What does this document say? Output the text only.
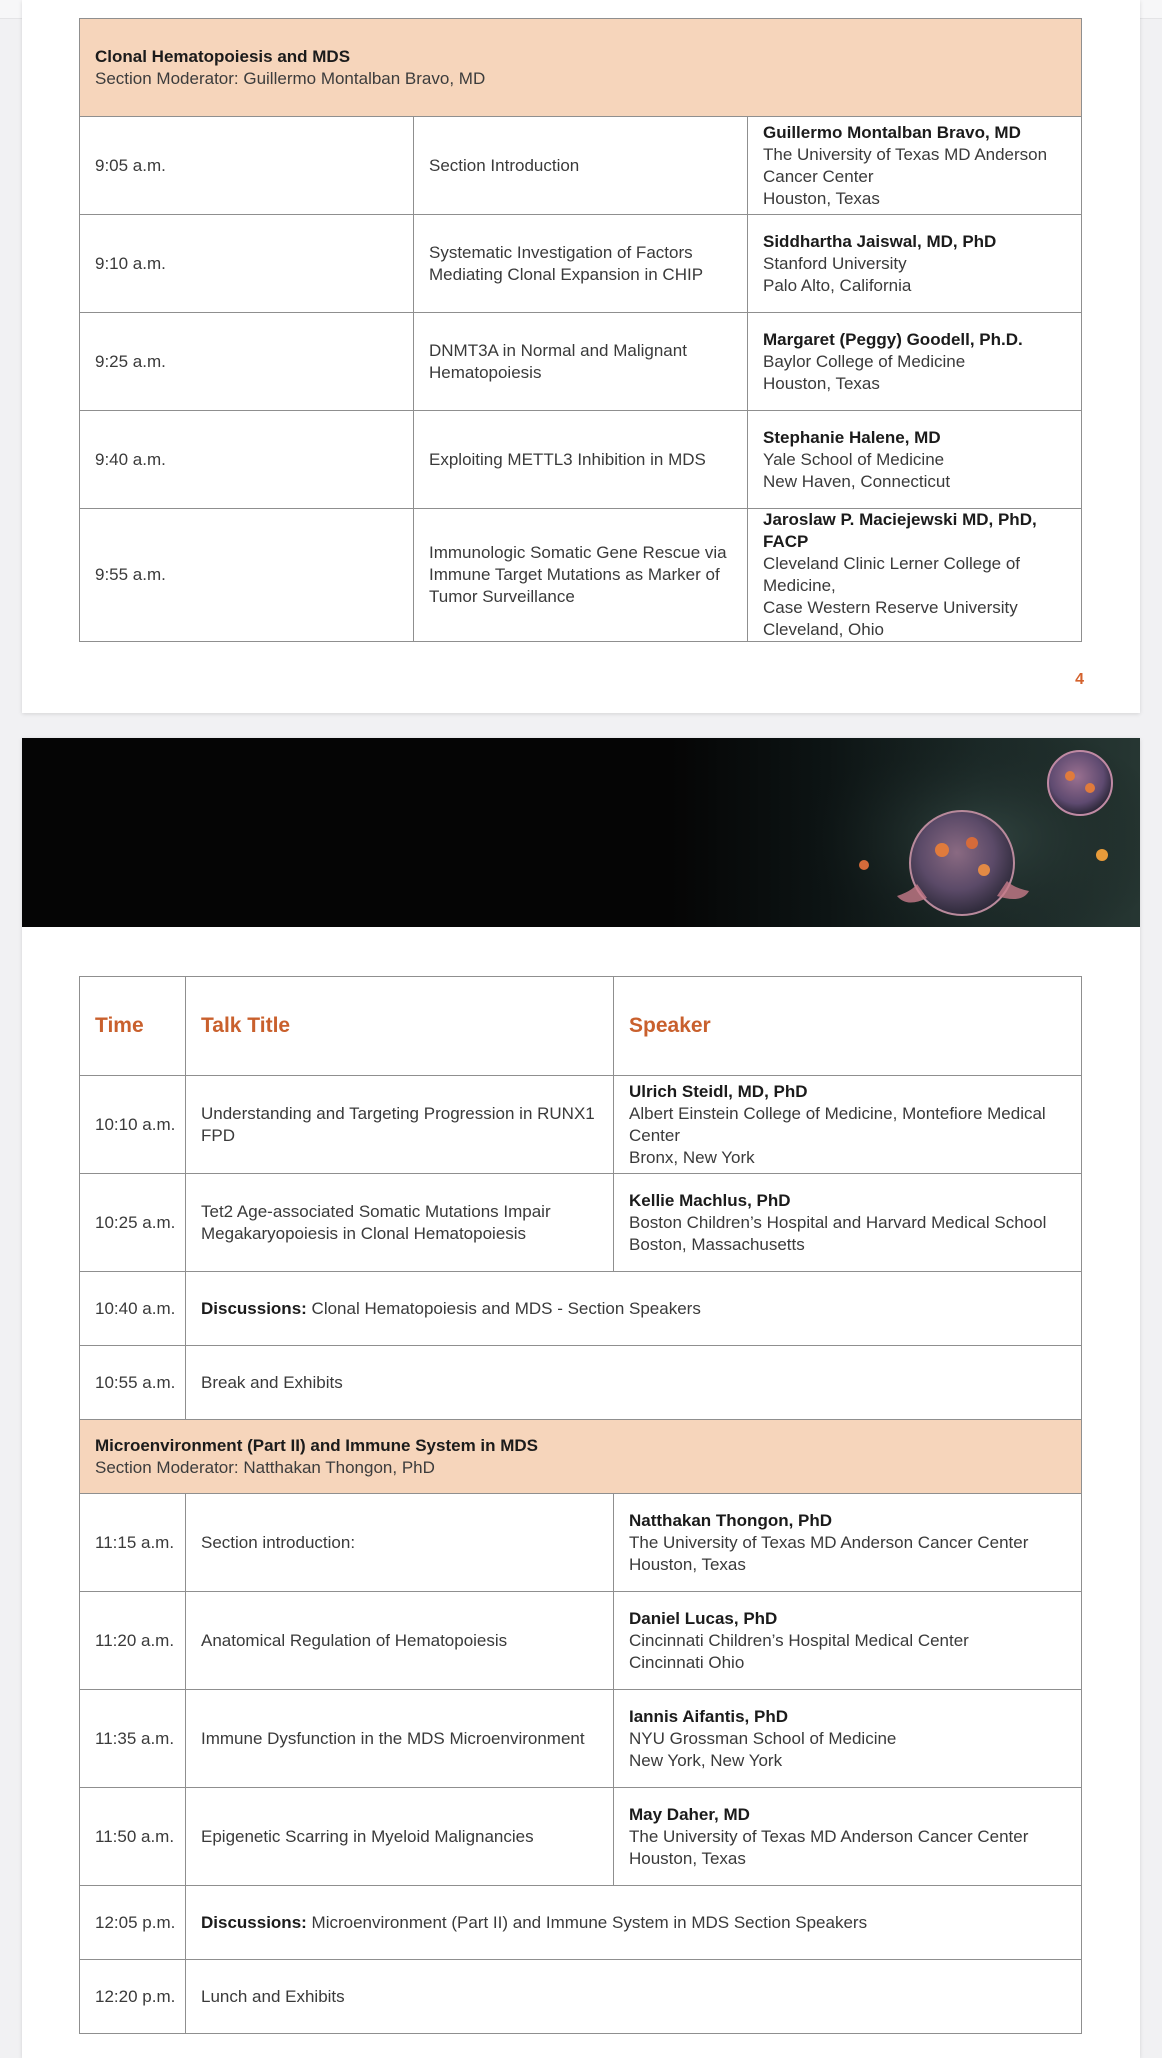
Clonal Hematopoiesis and MDS
Section Moderator: Guillermo Montalban Bravo, MD		

9:05 a.m.	Section Introduction	Guillermo Montalban Bravo, MD
The University of Texas MD Anderson Cancer Center
Houston, Texas

9:10 a.m.	Systematic Investigation of Factors Mediating Clonal Expansion in CHIP	Siddhartha Jaiswal, MD, PhD
Stanford University
Palo Alto, California

9:25 a.m.	DNMT3A in Normal and Malignant Hematopoiesis	Margaret (Peggy) Goodell, Ph.D.
Baylor College of Medicine
Houston, Texas

9:40 a.m.	Exploiting METTL3 Inhibition in MDS	Stephanie Halene, MD
Yale School of Medicine
New Haven, Connecticut

9:55 a.m.	Immunologic Somatic Gene Rescue via Immune Target Mutations as Marker of Tumor Surveillance	Jaroslaw P. Maciejewski MD, PhD, FACP
Cleveland Clinic Lerner College of Medicine,
Case Western Reserve University
Cleveland, Ohio
4
Time	Talk Title	Speaker
10:10 a.m.	Understanding and Targeting Progression in RUNX1 FPD	Ulrich Steidl, MD, PhD
Albert Einstein College of Medicine, Montefiore Medical Center
Bronx, New York

10:25 a.m.	Tet2 Age-associated Somatic Mutations Impair Megakaryopoiesis in Clonal Hematopoiesis	Kellie Machlus, PhD
Boston Children’s Hospital and Harvard Medical School
Boston, Massachusetts

10:40 a.m.	Discussions: Clonal Hematopoiesis and MDS - Section Speakers	
10:55 a.m.	Break and Exhibits	

Microenvironment (Part II) and Immune System in MDS
Section Moderator: Natthakan Thongon, PhD		

11:15 a.m.	Section introduction:	Natthakan Thongon, PhD
The University of Texas MD Anderson Cancer Center
Houston, Texas

11:20 a.m.	Anatomical Regulation of Hematopoiesis	Daniel Lucas, PhD
Cincinnati Children’s Hospital Medical Center
Cincinnati Ohio

11:35 a.m.	Immune Dysfunction in the MDS Microenvironment	Iannis Aifantis, PhD
NYU Grossman School of Medicine
New York, New York

11:50 a.m.	Epigenetic Scarring in Myeloid Malignancies	May Daher, MD
The University of Texas MD Anderson Cancer Center
Houston, Texas

12:05 p.m.	Discussions: Microenvironment (Part II) and Immune System in MDS Section Speakers	
12:20 p.m.	Lunch and Exhibits	
